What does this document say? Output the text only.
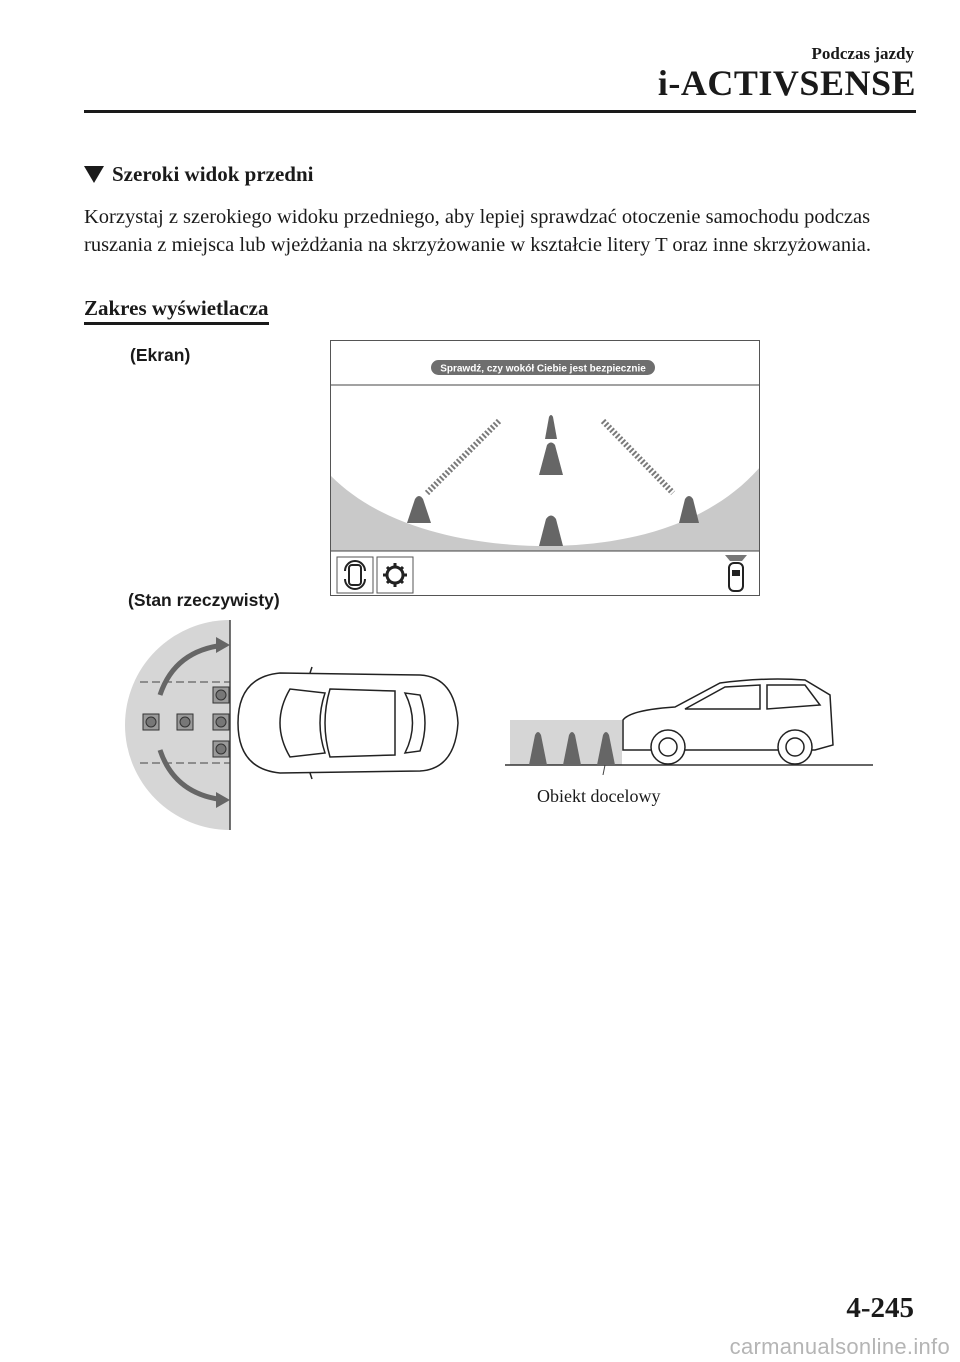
Podczas jazdy
i-ACTIVSENSE
Szeroki widok przedni
Korzystaj z szerokiego widoku przedniego, aby lepiej sprawdzać otoczenie samochodu podczas ruszania z miejsca lub wjeżdżania na skrzyżowanie w kształcie litery T oraz inne skrzyżowania.
Zakres wyświetlacza
(Ekran)
(Stan rzeczywisty)
Sprawdź, czy wokół Ciebie jest bezpiecznie
Obiekt docelowy
4-245
carmanualsonline.info
